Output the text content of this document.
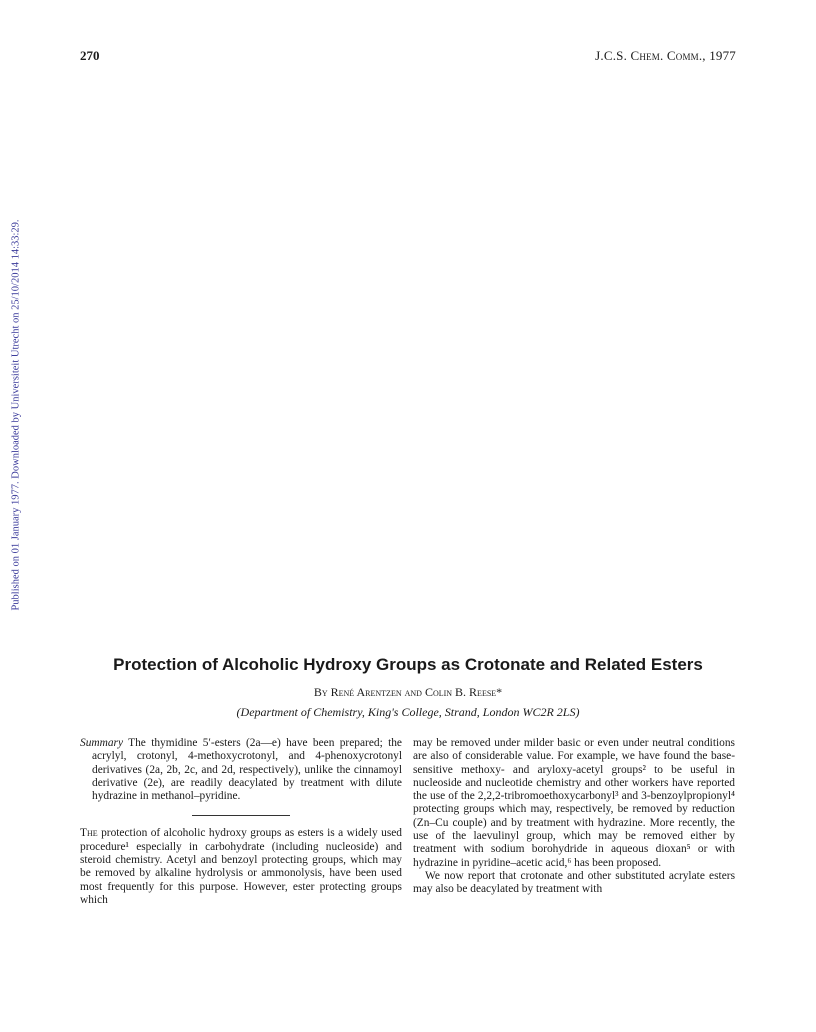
270	J.C.S. Chem. Comm., 1977
Published on 01 January 1977. Downloaded by Universiteit Utrecht on 25/10/2014 14:33:29.
Protection of Alcoholic Hydroxy Groups as Crotonate and Related Esters
By René Arentzen and Colin B. Reese*
(Department of Chemistry, King's College, Strand, London WC2R 2LS)

Summary The thymidine 5′-esters (2a—e) have been prepared; the acrylyl, crotonyl, 4-methoxycrotonyl, and 4-phenoxycrotonyl derivatives (2a, 2b, 2c, and 2d, respectively), unlike the cinnamoyl derivative (2e), are readily deacylated by treatment with dilute hydrazine in methanol–pyridine.

The protection of alcoholic hydroxy groups as esters is a widely used procedure¹ especially in carbohydrate (including nucleoside) and steroid chemistry. Acetyl and benzoyl protecting groups, which may be removed by alkaline hydrolysis or ammonolysis, have been used most frequently for this purpose. However, ester protecting groups which

may be removed under milder basic or even under neutral conditions are also of considerable value. For example, we have found the base-sensitive methoxy- and aryloxy-acetyl groups² to be useful in nucleoside and nucleotide chemistry and other workers have reported the use of the 2,2,2-tribromoethoxycarbonyl³ and 3-benzoylpropionyl⁴ protecting groups which may, respectively, be removed by reduction (Zn–Cu couple) and by treatment with hydrazine. More recently, the use of the laevulinyl group, which may be removed either by treatment with sodium borohydride in aqueous dioxan⁵ or with hydrazine in pyridine–acetic acid,⁶ has been proposed.

We now report that crotonate and other substituted acrylate esters may also be deacylated by treatment with
